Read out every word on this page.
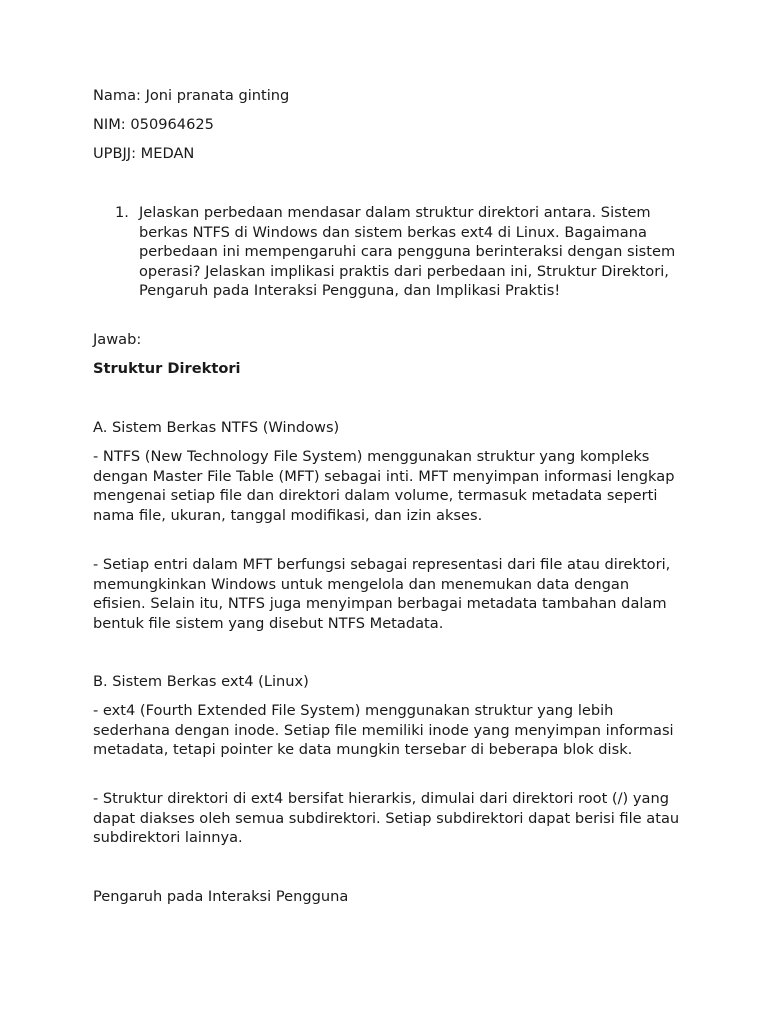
Nama: Joni pranata ginting

NIM: 050964625

UPBJJ: MEDAN

1. Jelaskan perbedaan mendasar dalam struktur direktori antara. Sistem berkas NTFS di Windows dan sistem berkas ext4 di Linux. Bagaimana perbedaan ini mempengaruhi cara pengguna berinteraksi dengan sistem operasi? Jelaskan implikasi praktis dari perbedaan ini, Struktur Direktori, Pengaruh pada Interaksi Pengguna, dan Implikasi Praktis!

Jawab:

Struktur Direktori

A. Sistem Berkas NTFS (Windows)

- NTFS (New Technology File System) menggunakan struktur yang kompleks dengan Master File Table (MFT) sebagai inti. MFT menyimpan informasi lengkap mengenai setiap file dan direktori dalam volume, termasuk metadata seperti nama file, ukuran, tanggal modifikasi, dan izin akses.

- Setiap entri dalam MFT berfungsi sebagai representasi dari file atau direktori, memungkinkan Windows untuk mengelola dan menemukan data dengan efisien. Selain itu, NTFS juga menyimpan berbagai metadata tambahan dalam bentuk file sistem yang disebut NTFS Metadata.

B. Sistem Berkas ext4 (Linux)

- ext4 (Fourth Extended File System) menggunakan struktur yang lebih sederhana dengan inode. Setiap file memiliki inode yang menyimpan informasi metadata, tetapi pointer ke data mungkin tersebar di beberapa blok disk.

- Struktur direktori di ext4 bersifat hierarkis, dimulai dari direktori root (/) yang dapat diakses oleh semua subdirektori. Setiap subdirektori dapat berisi file atau subdirektori lainnya.

Pengaruh pada Interaksi Pengguna
